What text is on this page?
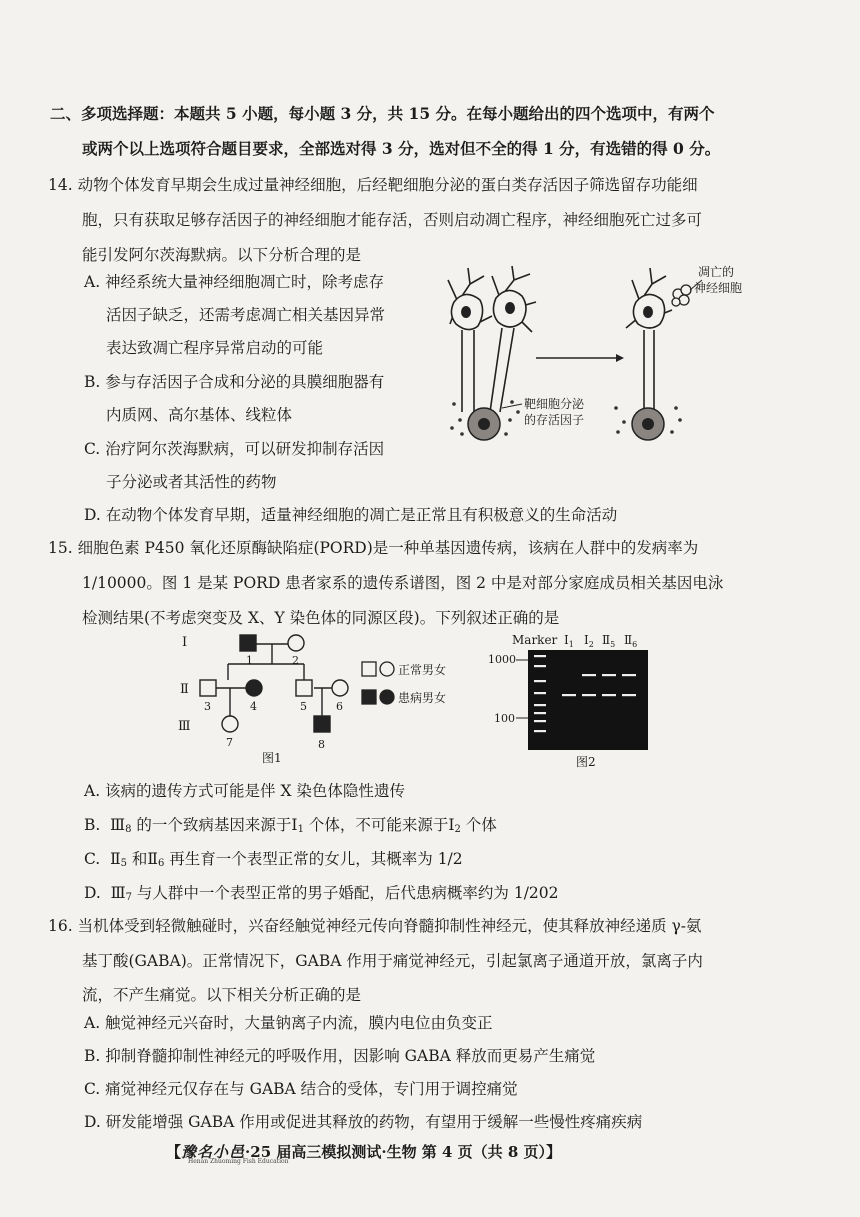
二、多项选择题：本题共 5 小题，每小题 3 分，共 15 分。在每小题给出的四个选项中，有两个
或两个以上选项符合题目要求，全部选对得 3 分，选对但不全的得 1 分，有选错的得 0 分。
14. 动物个体发育早期会生成过量神经细胞，后经靶细胞分泌的蛋白类存活因子筛选留存功能细
胞，只有获取足够存活因子的神经细胞才能存活，否则启动凋亡程序，神经细胞死亡过多可
能引发阿尔茨海默病。以下分析合理的是
A. 神经系统大量神经细胞凋亡时，除考虑存
活因子缺乏，还需考虑凋亡相关基因异常
表达致凋亡程序异常启动的可能
B. 参与存活因子合成和分泌的具膜细胞器有
内质网、高尔基体、线粒体
C. 治疗阿尔茨海默病，可以研发抑制存活因
子分泌或者其活性的药物
D. 在动物个体发育早期，适量神经细胞的凋亡是正常且有积极意义的生命活动
凋亡的
神经细胞
靶细胞分泌
的存活因子
15. 细胞色素 P450 氧化还原酶缺陷症(PORD)是一种单基因遗传病，该病在人群中的发病率为
1/10000。图 1 是某 PORD 患者家系的遗传系谱图，图 2 中是对部分家庭成员相关基因电泳
检测结果(不考虑突变及 X、Y 染色体的同源区段)。下列叙述正确的是
Ⅰ
Ⅱ
Ⅲ
1	2
3	4	5	6
7	8
正常男女
患病男女
图1
Marker $I_1$ $I_2$ $Ⅱ_5$ $Ⅱ_6$
1000
100
图2
A. 该病的遗传方式可能是伴 X 染色体隐性遗传
B.  $Ⅲ_8$ 的一个致病基因来源于$Ⅰ_1$ 个体，不可能来源于$Ⅰ_2$ 个体
C.  $Ⅱ_5$ 和$Ⅱ_6$ 再生育一个表型正常的女儿，其概率为 1/2
D.  $Ⅲ_7$ 与人群中一个表型正常的男子婚配，后代患病概率约为 1/202
16. 当机体受到轻微触碰时，兴奋经触觉神经元传向脊髓抑制性神经元，使其释放神经递质 γ-氨
基丁酸(GABA)。正常情况下，GABA 作用于痛觉神经元，引起氯离子通道开放，氯离子内
流，不产生痛觉。以下相关分析正确的是
A. 触觉神经元兴奋时，大量钠离子内流，膜内电位由负变正
B. 抑制脊髓抑制性神经元的呼吸作用，因影响 GABA 释放而更易产生痛觉
C. 痛觉神经元仅存在与 GABA 结合的受体，专门用于调控痛觉
D. 研发能增强 GABA 作用或促进其释放的药物，有望用于缓解一些慢性疼痛疾病
【豫名小邑·25 届高三模拟测试·生物 第 4 页（共 8 页）】
Henan Zhuoming Fish Education
